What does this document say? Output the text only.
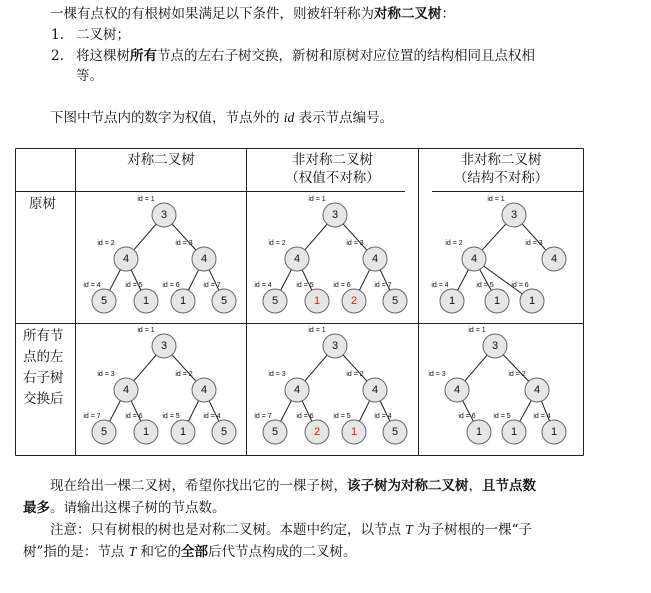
一棵有点权的有根树如果满足以下条件，则被轩轩称为对称二叉树：
1. 二叉树；
2. 将这棵树所有节点的左右子树交换，新树和原树对应位置的结构相同且点权相
等。
下图中节点内的数字为权值，节点外的 id 表示节点编号。
3
id = 1
4
id = 2
4
id = 3
5
id = 4
1
id = 5
1
id = 6
5
id = 7
3
id = 1
4
id = 2
4
id = 3
5
id = 4
1
id = 5
2
id = 6
5
id = 7
3
id = 1
4
id = 2
4
id = 3
1
id = 4
1
id = 5
1
id = 6
3
id = 1
4
id = 3
4
id = 2
5
id = 7
1
id = 6
1
id = 5
5
id = 4
3
id = 1
4
id = 3
4
id = 2
5
id = 7
2
id = 6
1
id = 5
5
id = 4
3
id = 1
4
id = 3
4
id = 2
1
id = 6
1
id = 5
1
id = 4
对称二叉树	非对称二叉树
（权值不对称）
非对称二叉树
（结构不对称）
原树
所有节
点的左
右子树
交换后
现在给出一棵二叉树，希望你找出它的一棵子树，该子树为对称二叉树，且节点数
最多。请输出这棵子树的节点数。
注意：只有树根的树也是对称二叉树。本题中约定，以节点 T 为子树根的一棵“子
树”指的是：节点 T 和它的全部后代节点构成的二叉树。
